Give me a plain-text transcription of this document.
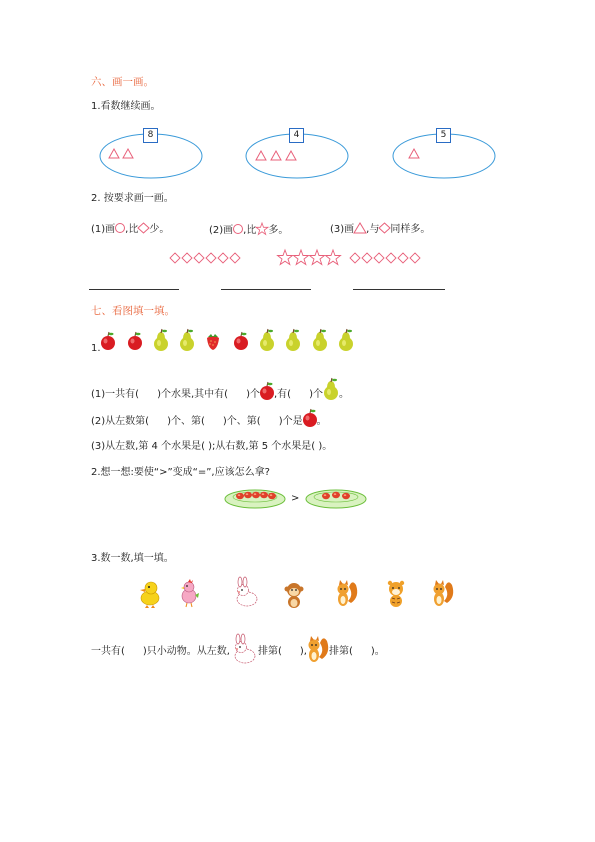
六、画一画。
1.看数继续画。
8	4	5
2. 按要求画一画。
(1)画 ,比 少。	(2)画 ,比 多。	(3)画 ,与 同样多。
七、看图填一填。
1.
(1)一共有( )个水果,其中有( )个 ,有( )个 。
(2)从左数第( )个、第( )个、第( )个是 。
(3)从左数,第 4 个水果是( );从右数,第 5 个水果是( )。
2.想一想:要使“>”变成“=”,应该怎么拿?
>
3.数一数,填一填。
一共有( )只小动物。从左数,	排第( ), 排第( )。
